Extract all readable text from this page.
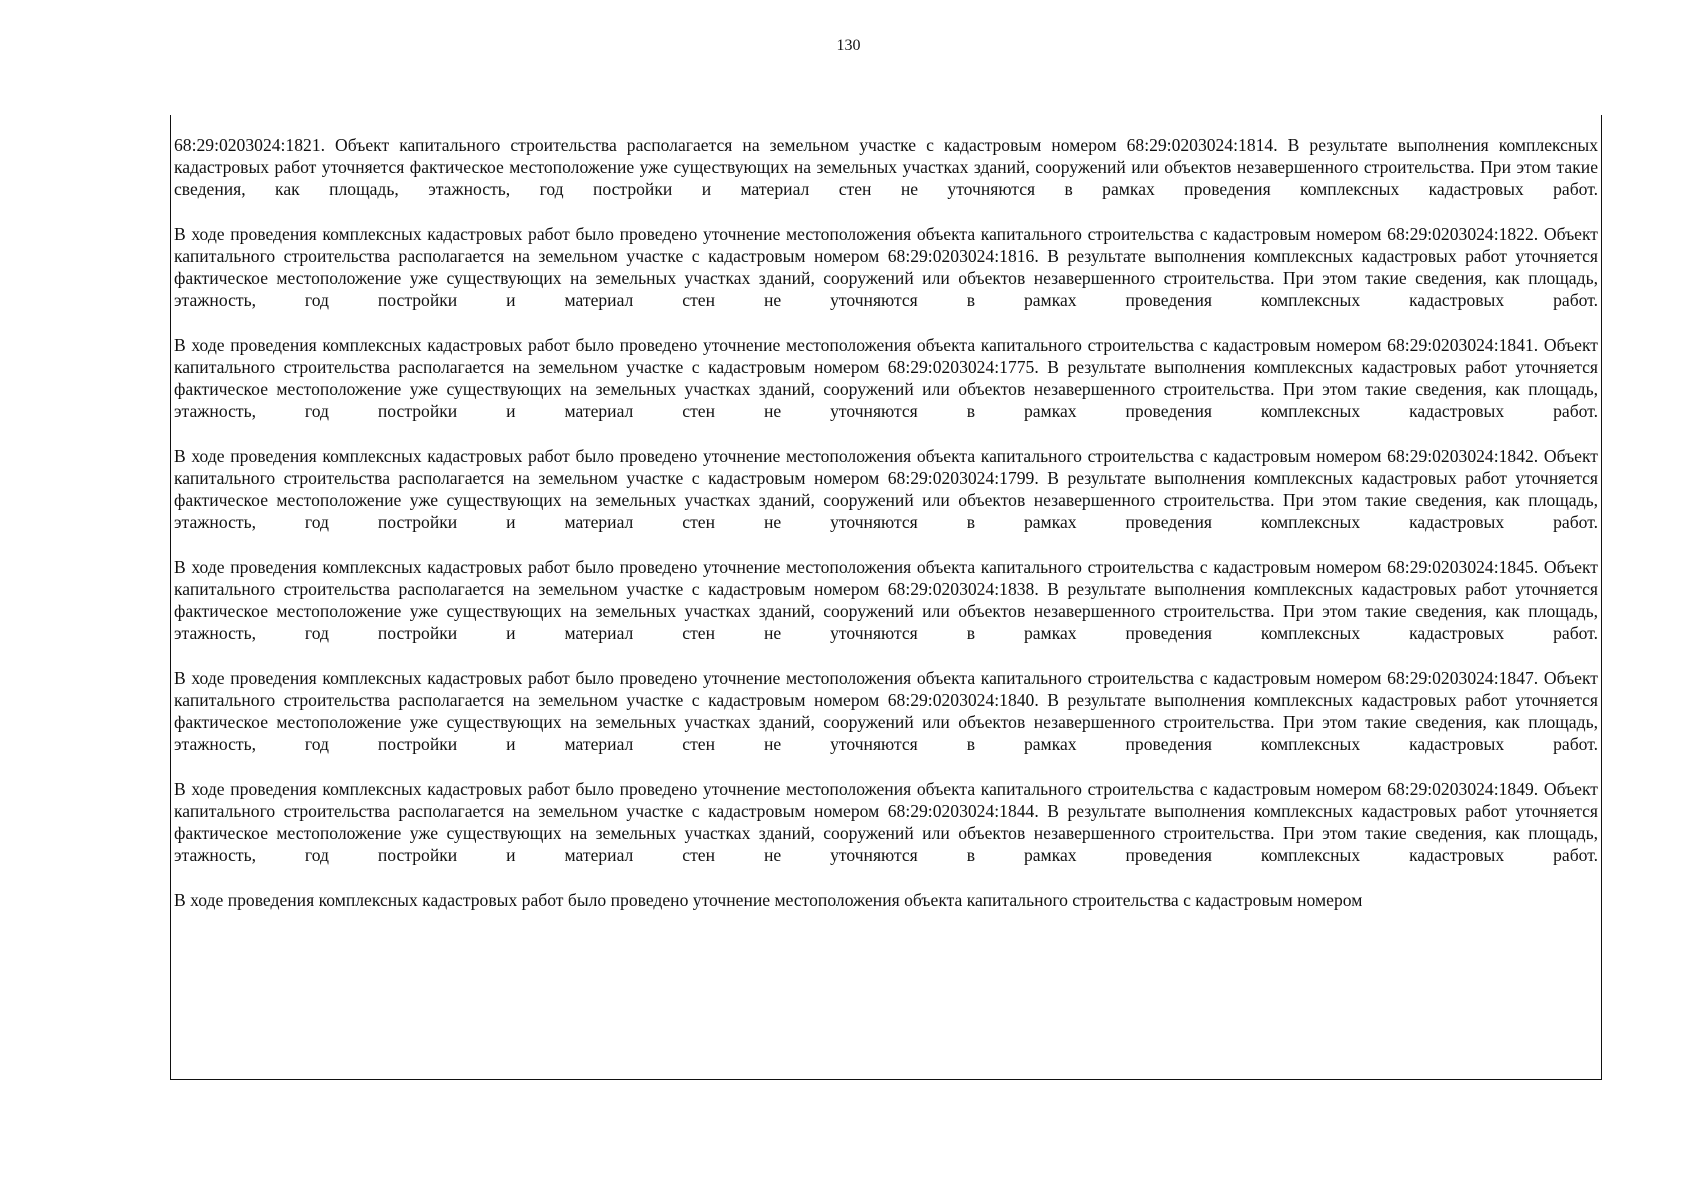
130

68:29:0203024:1821. Объект капитального строительства располагается на земельном участке с кадастровым номером 68:29:0203024:1814. В результате выполнения комплексных кадастровых работ уточняется фактическое местоположение уже существующих на земельных участках зданий, сооружений или объектов незавершенного строительства. При этом такие сведения, как площадь, этажность, год постройки и материал стен не уточняются в рамках проведения комплексных кадастровых работ.

В ходе проведения комплексных кадастровых работ было проведено уточнение местоположения объекта капитального строительства с кадастровым номером 68:29:0203024:1822. Объект капитального строительства располагается на земельном участке с кадастровым номером 68:29:0203024:1816. В результате выполнения комплексных кадастровых работ уточняется фактическое местоположение уже существующих на земельных участках зданий, сооружений или объектов незавершенного строительства. При этом такие сведения, как площадь, этажность, год постройки и материал стен не уточняются в рамках проведения комплексных кадастровых работ.

В ходе проведения комплексных кадастровых работ было проведено уточнение местоположения объекта капитального строительства с кадастровым номером 68:29:0203024:1841. Объект капитального строительства располагается на земельном участке с кадастровым номером 68:29:0203024:1775. В результате выполнения комплексных кадастровых работ уточняется фактическое местоположение уже существующих на земельных участках зданий, сооружений или объектов незавершенного строительства. При этом такие сведения, как площадь, этажность, год постройки и материал стен не уточняются в рамках проведения комплексных кадастровых работ.

В ходе проведения комплексных кадастровых работ было проведено уточнение местоположения объекта капитального строительства с кадастровым номером 68:29:0203024:1842. Объект капитального строительства располагается на земельном участке с кадастровым номером 68:29:0203024:1799. В результате выполнения комплексных кадастровых работ уточняется фактическое местоположение уже существующих на земельных участках зданий, сооружений или объектов незавершенного строительства. При этом такие сведения, как площадь, этажность, год постройки и материал стен не уточняются в рамках проведения комплексных кадастровых работ.

В ходе проведения комплексных кадастровых работ было проведено уточнение местоположения объекта капитального строительства с кадастровым номером 68:29:0203024:1845. Объект капитального строительства располагается на земельном участке с кадастровым номером 68:29:0203024:1838. В результате выполнения комплексных кадастровых работ уточняется фактическое местоположение уже существующих на земельных участках зданий, сооружений или объектов незавершенного строительства. При этом такие сведения, как площадь, этажность, год постройки и материал стен не уточняются в рамках проведения комплексных кадастровых работ.

В ходе проведения комплексных кадастровых работ было проведено уточнение местоположения объекта капитального строительства с кадастровым номером 68:29:0203024:1847. Объект капитального строительства располагается на земельном участке с кадастровым номером 68:29:0203024:1840. В результате выполнения комплексных кадастровых работ уточняется фактическое местоположение уже существующих на земельных участках зданий, сооружений или объектов незавершенного строительства. При этом такие сведения, как площадь, этажность, год постройки и материал стен не уточняются в рамках проведения комплексных кадастровых работ.

В ходе проведения комплексных кадастровых работ было проведено уточнение местоположения объекта капитального строительства с кадастровым номером 68:29:0203024:1849. Объект капитального строительства располагается на земельном участке с кадастровым номером 68:29:0203024:1844. В результате выполнения комплексных кадастровых работ уточняется фактическое местоположение уже существующих на земельных участках зданий, сооружений или объектов незавершенного строительства. При этом такие сведения, как площадь, этажность, год постройки и материал стен не уточняются в рамках проведения комплексных кадастровых работ.

В ходе проведения комплексных кадастровых работ было проведено уточнение местоположения объекта капитального строительства с кадастровым номером
